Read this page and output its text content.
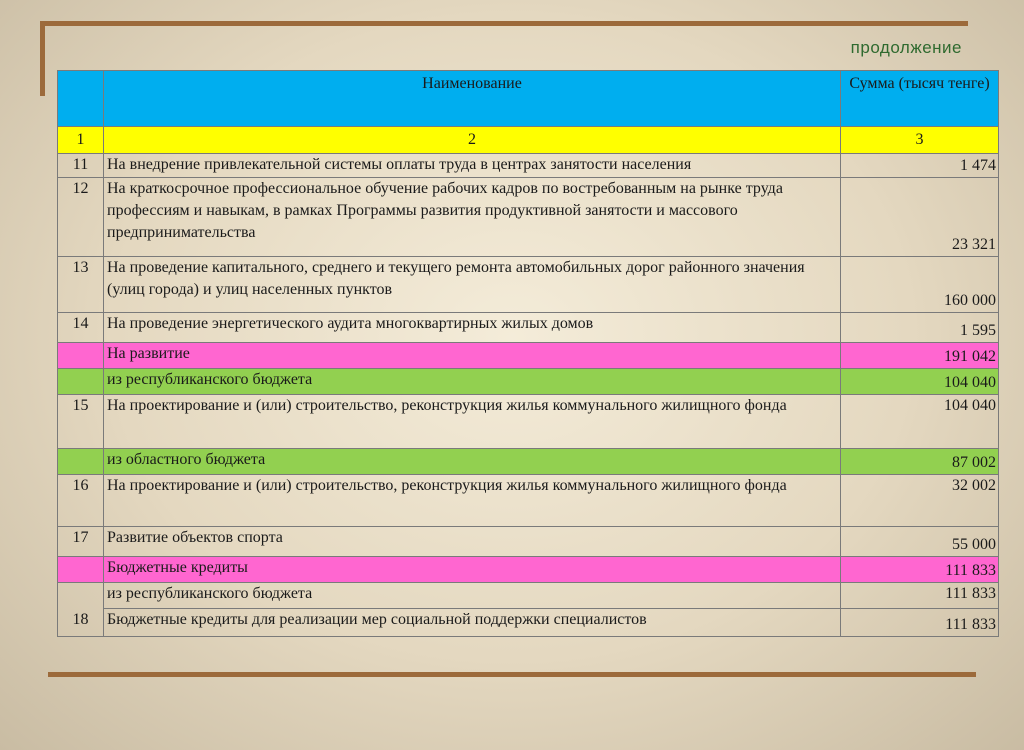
продолжение
	Наименование	Сумма (тысяч тенге)
1	2	3
11	На внедрение привлекательной системы оплаты труда в центрах занятости населения	1 474
12	На краткосрочное профессиональное обучение рабочих кадров по востребованным на рынке труда профессиям и навыкам, в рамках Программы развития продуктивной занятости и массового предпринимательства	23 321
13	На проведение капитального, среднего и текущего ремонта автомобильных дорог районного значения (улиц города) и улиц населенных пунктов	160 000
14	На проведение энергетического аудита многоквартирных жилых домов	1 595
	На развитие	191 042
	из республиканского бюджета	104 040
15	На проектирование и (или) строительство, реконструкция жилья коммунального жилищного фонда	104 040
	из областного бюджета	87 002
16	На проектирование и (или) строительство, реконструкция жилья коммунального жилищного фонда	32 002
17	Развитие объектов спорта	55 000
	Бюджетные кредиты	111 833
	из республиканского бюджета	111 833
18	Бюджетные кредиты для реализации мер социальной поддержки специалистов	111 833
